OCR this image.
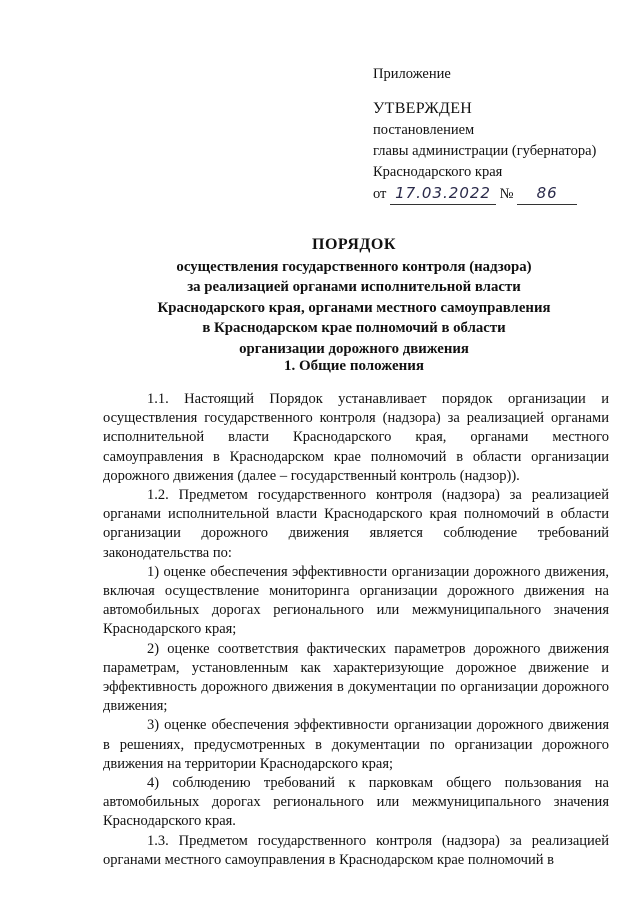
Приложение
УТВЕРЖДЕН
постановлением
главы администрации (губернатора)
Краснодарского края
от 17.03.2022 № 86
ПОРЯДОК
осуществления государственного контроля (надзора)
за реализацией органами исполнительной власти
Краснодарского края, органами местного самоуправления
в Краснодарском крае полномочий в области
организации дорожного движения
1. Общие положения

1.1. Настоящий Порядок устанавливает порядок организации и осуществления государственного контроля (надзора) за реализацией органами исполнительной власти Краснодарского края, органами местного самоуправления в Краснодарском крае полномочий в области организации дорожного движения (далее – государственный контроль (надзор)).

1.2. Предметом государственного контроля (надзора) за реализацией органами исполнительной власти Краснодарского края полномочий в области организации дорожного движения является соблюдение требований законодательства по:

1) оценке обеспечения эффективности организации дорожного движения, включая осуществление мониторинга организации дорожного движения на автомобильных дорогах регионального или межмуниципального значения Краснодарского края;

2) оценке соответствия фактических параметров дорожного движения параметрам, установленным как характеризующие дорожное движение и эффективность дорожного движения в документации по организации дорожного движения;

3) оценке обеспечения эффективности организации дорожного движения в решениях, предусмотренных в документации по организации дорожного движения на территории Краснодарского края;

4) соблюдению требований к парковкам общего пользования на автомобильных дорогах регионального или межмуниципального значения Краснодарского края.

1.3. Предметом государственного контроля (надзора) за реализацией органами местного самоуправления в Краснодарском крае полномочий в
